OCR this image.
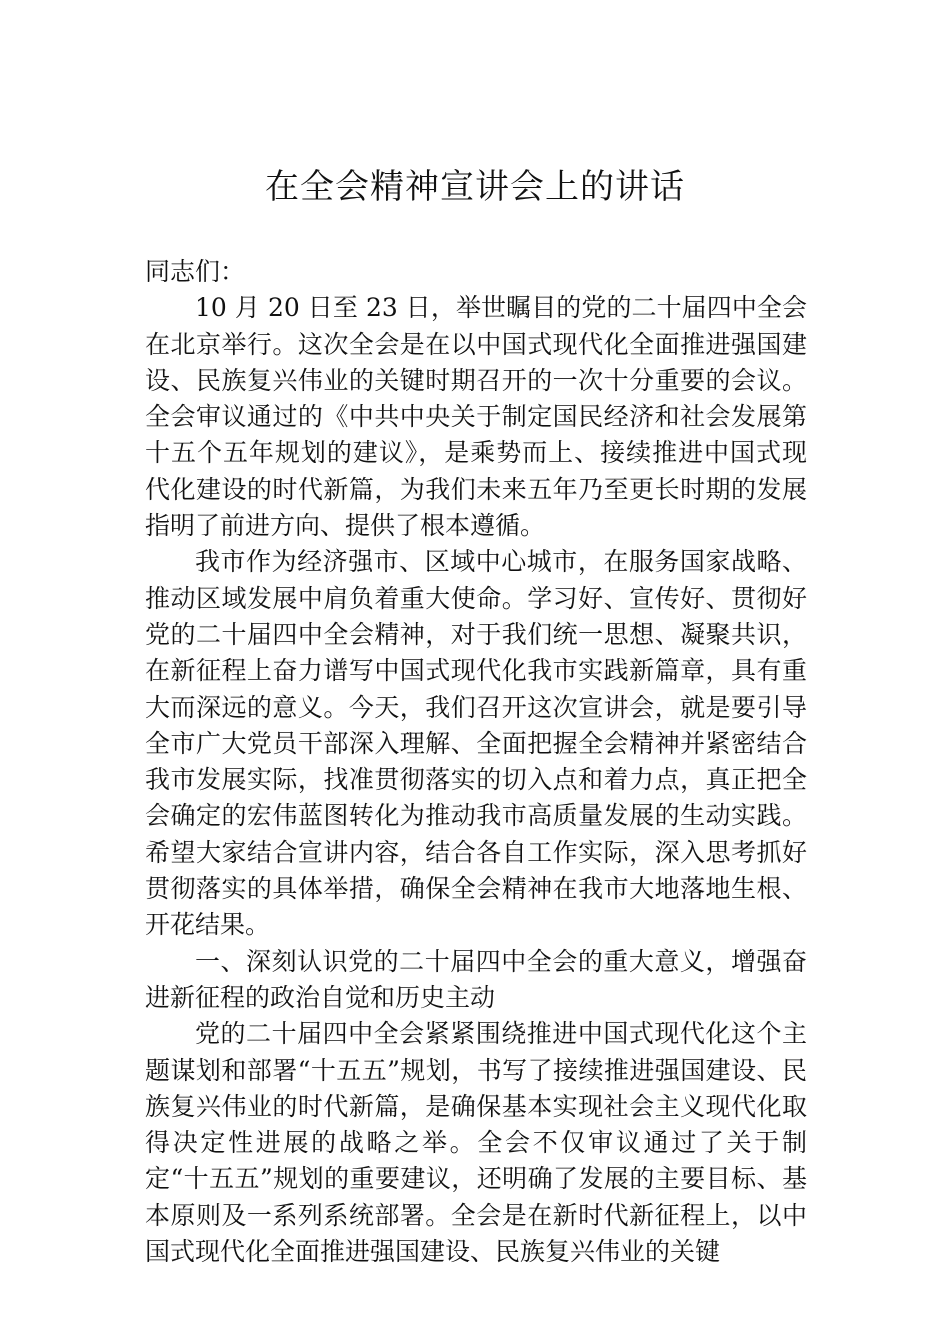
在全会精神宣讲会上的讲话

同志们：

10 月 20 日至 23 日，举世瞩目的党的二十届四中全会在北京举行。这次全会是在以中国式现代化全面推进强国建设、民族复兴伟业的关键时期召开的一次十分重要的会议。全会审议通过的《中共中央关于制定国民经济和社会发展第十五个五年规划的建议》，是乘势而上、接续推进中国式现代化建设的时代新篇，为我们未来五年乃至更长时期的发展指明了前进方向、提供了根本遵循。

我市作为经济强市、区域中心城市，在服务国家战略、推动区域发展中肩负着重大使命。学习好、宣传好、贯彻好党的二十届四中全会精神，对于我们统一思想、凝聚共识，在新征程上奋力谱写中国式现代化我市实践新篇章，具有重大而深远的意义。今天，我们召开这次宣讲会，就是要引导全市广大党员干部深入理解、全面把握全会精神并紧密结合我市发展实际，找准贯彻落实的切入点和着力点，真正把全会确定的宏伟蓝图转化为推动我市高质量发展的生动实践。希望大家结合宣讲内容，结合各自工作实际，深入思考抓好贯彻落实的具体举措，确保全会精神在我市大地落地生根、开花结果。

一、深刻认识党的二十届四中全会的重大意义，增强奋进新征程的政治自觉和历史主动

党的二十届四中全会紧紧围绕推进中国式现代化这个主题谋划和部署“十五五”规划，书写了接续推进强国建设、民族复兴伟业的时代新篇，是确保基本实现社会主义现代化取得决定性进展的战略之举。全会不仅审议通过了关于制定“十五五”规划的重要建议，还明确了发展的主要目标、基本原则及一系列系统部署。全会是在新时代新征程上，以中国式现代化全面推进强国建设、民族复兴伟业的关键
